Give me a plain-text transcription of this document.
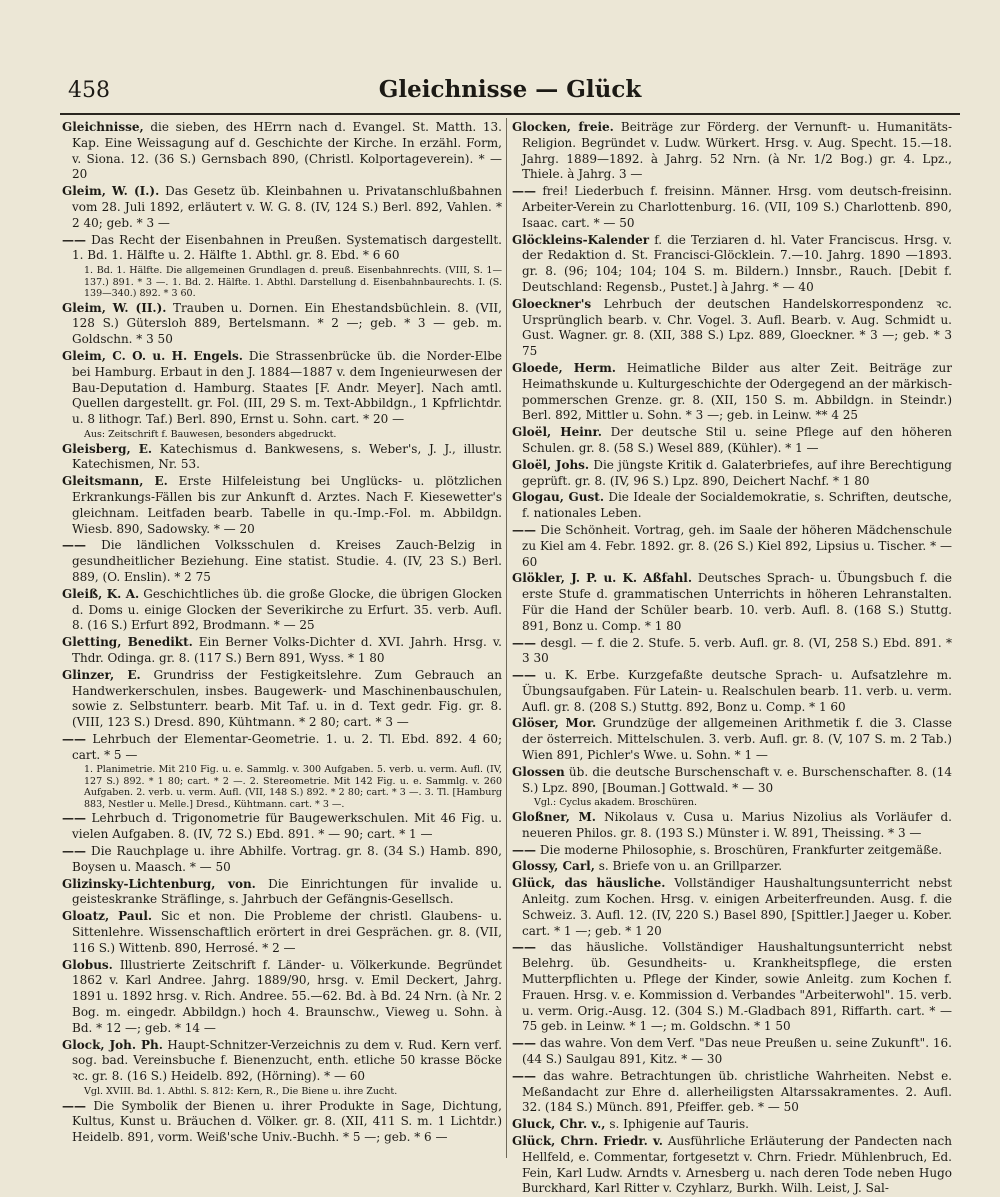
458	Gleichnisse — Glück

Gleichnisse, die sieben, des HErrn nach d. Evangel. St. Matth. 13. Kap. Eine Weissagung auf d. Geschichte der Kirche. In erzähl. Form, v. Siona. 12. (36 S.) Gernsbach 890, (Christl. Kolportageverein). * — 20

Gleim, W. (I.). Das Gesetz üb. Kleinbahnen u. Privatanschlußbahnen vom 28. Juli 1892, erläutert v. W. G. 8. (IV, 124 S.) Berl. 892, Vahlen. * 2 40; geb. * 3 —

—— Das Recht der Eisenbahnen in Preußen. Systematisch dargestellt. 1. Bd. 1. Hälfte u. 2. Hälfte 1. Abthl. gr. 8. Ebd. * 6 60

1. Bd. 1. Hälfte. Die allgemeinen Grundlagen d. preuß. Eisenbahnrechts. (VIII, S. 1—137.) 891. * 3 —. 1. Bd. 2. Hälfte. 1. Abthl. Darstellung d. Eisenbahnbaurechts. I. (S. 139—340.) 892. * 3 60.

Gleim, W. (II.). Trauben u. Dornen. Ein Ehestandsbüchlein. 8. (VII, 128 S.) Gütersloh 889, Bertelsmann. * 2 —; geb. * 3 — geb. m. Goldschn. * 3 50

Gleim, C. O. u. H. Engels. Die Strassenbrücke üb. die Norder-Elbe bei Hamburg. Erbaut in den J. 1884—1887 v. dem Ingenieurwesen der Bau-Deputation d. Hamburg. Staates [F. Andr. Meyer]. Nach amtl. Quellen dargestellt. gr. Fol. (III, 29 S. m. Text-Abbildgn., 1 Kpfrlichtdr. u. 8 lithogr. Taf.) Berl. 890, Ernst u. Sohn. cart. * 20 —

Aus: Zeitschrift f. Bauwesen, besonders abgedruckt.

Gleisberg, E. Katechismus d. Bankwesens, s. Weber's, J. J., illustr. Katechismen, Nr. 53.

Gleitsmann, E. Erste Hilfeleistung bei Unglücks- u. plötzlichen Erkrankungs-Fällen bis zur Ankunft d. Arztes. Nach F. Kiesewetter's gleichnam. Leitfaden bearb. Tabelle in qu.-Imp.-Fol. m. Abbildgn. Wiesb. 890, Sadowsky. * — 20

—— Die ländlichen Volksschulen d. Kreises Zauch-Belzig in gesundheitlicher Beziehung. Eine statist. Studie. 4. (IV, 23 S.) Berl. 889, (O. Enslin). * 2 75

Gleiß, K. A. Geschichtliches üb. die große Glocke, die übrigen Glocken d. Doms u. einige Glocken der Severikirche zu Erfurt. 35. verb. Aufl. 8. (16 S.) Erfurt 892, Brodmann. * — 25

Gletting, Benedikt. Ein Berner Volks-Dichter d. XVI. Jahrh. Hrsg. v. Thdr. Odinga. gr. 8. (117 S.) Bern 891, Wyss. * 1 80

Glinzer, E. Grundriss der Festigkeitslehre. Zum Gebrauch an Handwerkerschulen, insbes. Baugewerk- und Maschinenbauschulen, sowie z. Selbstunterr. bearb. Mit Taf. u. in d. Text gedr. Fig. gr. 8. (VIII, 123 S.) Dresd. 890, Kühtmann. * 2 80; cart. * 3 —

—— Lehrbuch der Elementar-Geometrie. 1. u. 2. Tl. Ebd. 892. 4 60; cart. * 5 —

1. Planimetrie. Mit 210 Fig. u. e. Sammlg. v. 300 Aufgaben. 5. verb. u. verm. Aufl. (IV, 127 S.) 892. * 1 80; cart. * 2 —. 2. Stereometrie. Mit 142 Fig. u. e. Sammlg. v. 260 Aufgaben. 2. verb. u. verm. Aufl. (VII, 148 S.) 892. * 2 80; cart. * 3 —. 3. Tl. [Hamburg 883, Nestler u. Melle.] Dresd., Kühtmann. cart. * 3 —.

—— Lehrbuch d. Trigonometrie für Baugewerkschulen. Mit 46 Fig. u. vielen Aufgaben. 8. (IV, 72 S.) Ebd. 891. * — 90; cart. * 1 —

—— Die Rauchplage u. ihre Abhilfe. Vortrag. gr. 8. (34 S.) Hamb. 890, Boysen u. Maasch. * — 50

Glizinsky-Lichtenburg, von. Die Einrichtungen für invalide u. geisteskranke Sträflinge, s. Jahrbuch der Gefängnis-Gesellsch.

Gloatz, Paul. Sic et non. Die Probleme der christl. Glaubens- u. Sittenlehre. Wissenschaftlich erörtert in drei Gesprächen. gr. 8. (VII, 116 S.) Wittenb. 890, Herrosé. * 2 —

Globus. Illustrierte Zeitschrift f. Länder- u. Völkerkunde. Begründet 1862 v. Karl Andree. Jahrg. 1889/90, hrsg. v. Emil Deckert, Jahrg. 1891 u. 1892 hrsg. v. Rich. Andree. 55.—62. Bd. à Bd. 24 Nrn. (à Nr. 2 Bog. m. eingedr. Abbildgn.) hoch 4. Braunschw., Vieweg u. Sohn. à Bd. * 12 —; geb. * 14 —

Glock, Joh. Ph. Haupt-Schnitzer-Verzeichnis zu dem v. Rud. Kern verf. sog. bad. Vereinsbuche f. Bienenzucht, enth. etliche 50 krasse Böcke ꝛc. gr. 8. (16 S.) Heidelb. 892, (Hörning). * — 60

Vgl. XVIII. Bd. 1. Abthl. S. 812: Kern, R., Die Biene u. ihre Zucht.

—— Die Symbolik der Bienen u. ihrer Produkte in Sage, Dichtung, Kultus, Kunst u. Bräuchen d. Völker. gr. 8. (XII, 411 S. m. 1 Lichtdr.) Heidelb. 891, vorm. Weiß'sche Univ.-Buchh. * 5 —; geb. * 6 —

Glocken, freie. Beiträge zur Förderg. der Vernunft- u. Humanitäts-Religion. Begründet v. Ludw. Würkert. Hrsg. v. Aug. Specht. 15.—18. Jahrg. 1889—1892. à Jahrg. 52 Nrn. (à Nr. 1/2 Bog.) gr. 4. Lpz., Thiele. à Jahrg. 3 —

—— frei! Liederbuch f. freisinn. Männer. Hrsg. vom deutsch-freisinn. Arbeiter-Verein zu Charlottenburg. 16. (VII, 109 S.) Charlottenb. 890, Isaac. cart. * — 50

Glöckleins-Kalender f. die Terziaren d. hl. Vater Franciscus. Hrsg. v. der Redaktion d. St. Francisci-Glöcklein. 7.—10. Jahrg. 1890 —1893. gr. 8. (96; 104; 104; 104 S. m. Bildern.) Innsbr., Rauch. [Debit f. Deutschland: Regensb., Pustet.] à Jahrg. * — 40

Gloeckner's Lehrbuch der deutschen Handelskorrespondenz ꝛc. Ursprünglich bearb. v. Chr. Vogel. 3. Aufl. Bearb. v. Aug. Schmidt u. Gust. Wagner. gr. 8. (XII, 388 S.) Lpz. 889, Gloeckner. * 3 —; geb. * 3 75

Gloede, Herm. Heimatliche Bilder aus alter Zeit. Beiträge zur Heimathskunde u. Kulturgeschichte der Odergegend an der märkisch-pommerschen Grenze. gr. 8. (XII, 150 S. m. Abbildgn. in Steindr.) Berl. 892, Mittler u. Sohn. * 3 —; geb. in Leinw. ** 4 25

Gloël, Heinr. Der deutsche Stil u. seine Pflege auf den höheren Schulen. gr. 8. (58 S.) Wesel 889, (Kühler). * 1 —

Gloël, Johs. Die jüngste Kritik d. Galaterbriefes, auf ihre Berechtigung geprüft. gr. 8. (IV, 96 S.) Lpz. 890, Deichert Nachf. * 1 80

Glogau, Gust. Die Ideale der Socialdemokratie, s. Schriften, deutsche, f. nationales Leben.

—— Die Schönheit. Vortrag, geh. im Saale der höheren Mädchenschule zu Kiel am 4. Febr. 1892. gr. 8. (26 S.) Kiel 892, Lipsius u. Tischer. * — 60

Glökler, J. P. u. K. Aßfahl. Deutsches Sprach- u. Übungsbuch f. die erste Stufe d. grammatischen Unterrichts in höheren Lehranstalten. Für die Hand der Schüler bearb. 10. verb. Aufl. 8. (168 S.) Stuttg. 891, Bonz u. Comp. * 1 80

—— desgl. — f. die 2. Stufe. 5. verb. Aufl. gr. 8. (VI, 258 S.) Ebd. 891. * 3 30

—— u. K. Erbe. Kurzgefaßte deutsche Sprach- u. Aufsatzlehre m. Übungsaufgaben. Für Latein- u. Realschulen bearb. 11. verb. u. verm. Aufl. gr. 8. (208 S.) Stuttg. 892, Bonz u. Comp. * 1 60

Glöser, Mor. Grundzüge der allgemeinen Arithmetik f. die 3. Classe der österreich. Mittelschulen. 3. verb. Aufl. gr. 8. (V, 107 S. m. 2 Tab.) Wien 891, Pichler's Wwe. u. Sohn. * 1 —

Glossen üb. die deutsche Burschenschaft v. e. Burschenschafter. 8. (14 S.) Lpz. 890, [Bouman.] Gottwald. * — 30

Vgl.: Cyclus akadem. Broschüren.

Gloßner, M. Nikolaus v. Cusa u. Marius Nizolius als Vorläufer d. neueren Philos. gr. 8. (193 S.) Münster i. W. 891, Theissing. * 3 —

—— Die moderne Philosophie, s. Broschüren, Frankfurter zeitgemäße.

Glossy, Carl, s. Briefe von u. an Grillparzer.

Glück, das häusliche. Vollständiger Haushaltungsunterricht nebst Anleitg. zum Kochen. Hrsg. v. einigen Arbeiterfreunden. Ausg. f. die Schweiz. 3. Aufl. 12. (IV, 220 S.) Basel 890, [Spittler.] Jaeger u. Kober. cart. * 1 —; geb. * 1 20

—— das häusliche. Vollständiger Haushaltungsunterricht nebst Belehrg. üb. Gesundheits- u. Krankheitspflege, die ersten Mutterpflichten u. Pflege der Kinder, sowie Anleitg. zum Kochen f. Frauen. Hrsg. v. e. Kommission d. Verbandes "Arbeiterwohl". 15. verb. u. verm. Orig.-Ausg. 12. (304 S.) M.-Gladbach 891, Riffarth. cart. * — 75 geb. in Leinw. * 1 —; m. Goldschn. * 1 50

—— das wahre. Von dem Verf. "Das neue Preußen u. seine Zukunft". 16. (44 S.) Saulgau 891, Kitz. * — 30

—— das wahre. Betrachtungen üb. christliche Wahrheiten. Nebst e. Meßandacht zur Ehre d. allerheiligsten Altarssakramentes. 2. Aufl. 32. (184 S.) Münch. 891, Pfeiffer. geb. * — 50

Gluck, Chr. v., s. Iphigenie auf Tauris.

Glück, Chrn. Friedr. v. Ausführliche Erläuterung der Pandecten nach Hellfeld, e. Commentar, fortgesetzt v. Chrn. Friedr. Mühlenbruch, Ed. Fein, Karl Ludw. Arndts v. Arnesberg u. nach deren Tode neben Hugo Burckhard, Karl Ritter v. Czyhlarz, Burkh. Wilh. Leist, J. Sal-
